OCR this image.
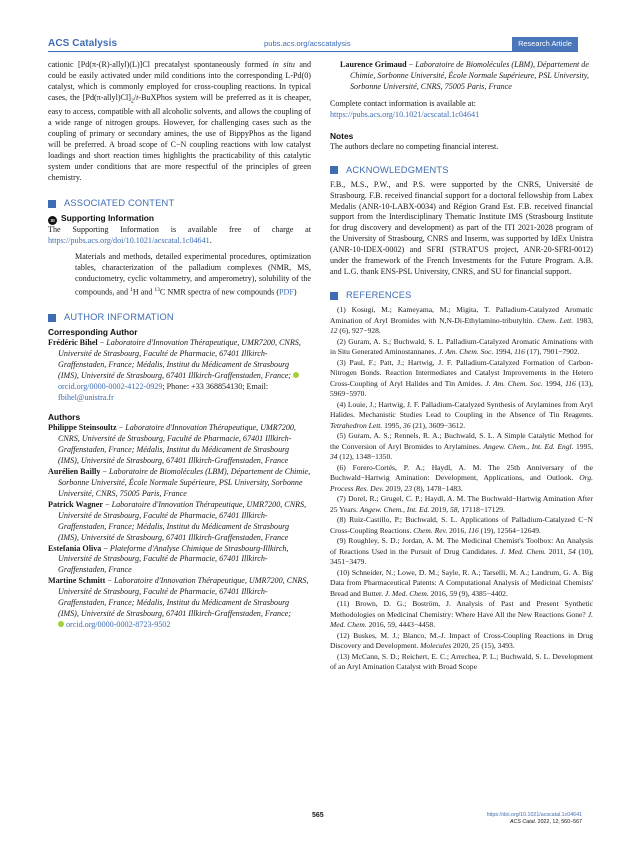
ACS Catalysis	pubs.acs.org/acscatalysis	Research Article

cationic [Pd(π-(R)-allyl)(L)]Cl precatalyst spontaneously formed in situ and could be easily activated under mild conditions into the corresponding L-Pd(0) catalyst, which is commonly employed for cross-coupling reactions. In typical cases, the $[Pd(\pi-allyl)Cl]_2/t$-BuXPhos system will be preferred as it is cheaper, easy to access, compatible with all alcoholic solvents, and allows the coupling of a wide range of nitrogen groups. However, for challenging cases such as the coupling of primary or secondary amines, the use of BippyPhos as the ligand will be preferred. A broad scope of C−N coupling reactions with low catalyst loadings and short reaction times highlights the practicability of this catalytic system under conditions that are more respectful of the principles of green chemistry.

ASSOCIATED CONTENT
SI Supporting Information

The Supporting Information is available free of charge at https://pubs.acs.org/doi/10.1021/acscatal.1c04641.

Materials and methods, detailed experimental procedures, optimization tables, characterization of the palladium complexes (NMR, MS, conductometry, cyclic voltammetry, and amperometry), solubility of the compounds, and $^1$H and $^{13}$C NMR spectra of new compounds (PDF)

AUTHOR INFORMATION
Corresponding Author

Frédéric Bihel − Laboratoire d'Innovation Thérapeutique, UMR7200, CNRS, Université de Strasbourg, Faculté de Pharmacie, 67401 Illkirch-Graffenstaden, France; Médalis, Institut du Médicament de Strasbourg (IMS), Université de Strasbourg, 67401 Illkirch-Graffenstaden, France; orcid.org/0000-0002-4122-0929; Phone: +33 368854130; Email: fbihel@unistra.fr

Authors

Philippe Steinsoultz − Laboratoire d'Innovation Thérapeutique, UMR7200, CNRS, Université de Strasbourg, Faculté de Pharmacie, 67401 Illkirch-Graffenstaden, France; Médalis, Institut du Médicament de Strasbourg (IMS), Université de Strasbourg, 67401 Illkirch-Graffenstaden, France

Aurélien Bailly − Laboratoire de Biomolécules (LBM), Département de Chimie, Sorbonne Université, École Normale Supérieure, PSL University, Sorbonne Université, CNRS, 75005 Paris, France

Patrick Wagner − Laboratoire d'Innovation Thérapeutique, UMR7200, CNRS, Université de Strasbourg, Faculté de Pharmacie, 67401 Illkirch-Graffenstaden, France; Médalis, Institut du Médicament de Strasbourg (IMS), Université de Strasbourg, 67401 Illkirch-Graffenstaden, France

Estefania Oliva − Plateforme d'Analyse Chimique de Strasbourg-Illkirch, Université de Strasbourg, Faculté de Pharmacie, 67401 Illkirch-Graffenstaden, France

Martine Schmitt − Laboratoire d'Innovation Thérapeutique, UMR7200, CNRS, Université de Strasbourg, Faculté de Pharmacie, 67401 Illkirch-Graffenstaden, France; Médalis, Institut du Médicament de Strasbourg (IMS), Université de Strasbourg, 67401 Illkirch-Graffenstaden, France;
orcid.org/0000-0002-8723-9502

Laurence Grimaud − Laboratoire de Biomolécules (LBM), Département de Chimie, Sorbonne Université, École Normale Supérieure, PSL University, Sorbonne Université, CNRS, 75005 Paris, France

Complete contact information is available at:

https://pubs.acs.org/10.1021/acscatal.1c04641

Notes

The authors declare no competing financial interest.

ACKNOWLEDGMENTS

F.B., M.S., P.W., and P.S. were supported by the CNRS, Université de Strasbourg. F.B. received financial support for a doctoral fellowship from Labex Medalis (ANR-10-LABX-0034) and Région Grand Est. F.B. received financial support from the Interdisciplinary Thematic Institute IMS (Strasbourg Institute for drug discovery and development) as part of the ITI 2021-2028 program of the University of Strasbourg, CNRS and Inserm, was supported by IdEx Unistra (ANR-10-IDEX-0002) and SFRI (STRAT'US project, ANR-20-SFRI-0012) under the framework of the French Investments for the Future Program. A.B. and L.G. thank ENS-PSL University, CNRS, and SU for financial support.

REFERENCES

(1) Kosugi, M.; Kameyama, M.; Migita, T. Palladium-Catalyzed Aromatic Amination of Aryl Bromides with N,N-Di-Ethylamino-tributyltin. Chem. Lett. 1983, 12 (6), 927−928.

(2) Guram, A. S.; Buchwald, S. L. Palladium-Catalyzed Aromatic Aminations with in Situ Generated Aminostannanes. J. Am. Chem. Soc. 1994, 116 (17), 7901−7902.

(3) Paul, F.; Patt, J.; Hartwig, J. F. Palladium-Catalyzed Formation of Carbon-Nitrogen Bonds. Reaction Intermediates and Catalyst Improvements in the Hetero Cross-Coupling of Aryl Halides and Tin Amides. J. Am. Chem. Soc. 1994, 116 (13), 5969−5970.

(4) Louie, J.; Hartwig, J. F. Palladium-Catalyzed Synthesis of Arylamines from Aryl Halides. Mechanistic Studies Lead to Coupling in the Absence of Tin Reagents. Tetrahedron Lett. 1995, 36 (21), 3609−3612.

(5) Guram, A. S.; Rennels, R. A.; Buchwald, S. L. A Simple Catalytic Method for the Conversion of Aryl Bromides to Arylamines. Angew. Chem., Int. Ed. Engl. 1995, 34 (12), 1348−1350.

(6) Forero-Cortés, P. A.; Haydl, A. M. The 25th Anniversary of the Buchwald−Hartwig Amination: Development, Applications, and Outlook. Org. Process Res. Dev. 2019, 23 (8), 1478−1483.

(7) Dorel, R.; Grugel, C. P.; Haydl, A. M. The Buchwald−Hartwig Amination After 25 Years. Angew. Chem., Int. Ed. 2019, 58, 17118−17129.

(8) Ruiz-Castillo, P.; Buchwald, S. L. Applications of Palladium-Catalyzed C−N Cross-Coupling Reactions. Chem. Rev. 2016, 116 (19), 12564−12649.

(9) Roughley, S. D.; Jordan, A. M. The Medicinal Chemist's Toolbox: An Analysis of Reactions Used in the Pursuit of Drug Candidates. J. Med. Chem. 2011, 54 (10), 3451−3479.

(10) Schneider, N.; Lowe, D. M.; Sayle, R. A.; Tarselli, M. A.; Landrum, G. A. Big Data from Pharmaceutical Patents: A Computational Analysis of Medicinal Chemists' Bread and Butter. J. Med. Chem. 2016, 59 (9), 4385−4402.

(11) Brown, D. G.; Boström, J. Analysis of Past and Present Synthetic Methodologies on Medicinal Chemistry: Where Have All the New Reactions Gone? J. Med. Chem. 2016, 59, 4443−4458.

(12) Buskes, M. J.; Blanco, M.-J. Impact of Cross-Coupling Reactions in Drug Discovery and Development. Molecules 2020, 25 (15), 3493.

(13) McCann, S. D.; Reichert, E. C.; Arrechea, P. L.; Buchwald, S. L. Development of an Aryl Amination Catalyst with Broad Scope

565	https://doi.org/10.1021/acscatal.1c04641
ACS Catal. 2022, 12, 560−567
